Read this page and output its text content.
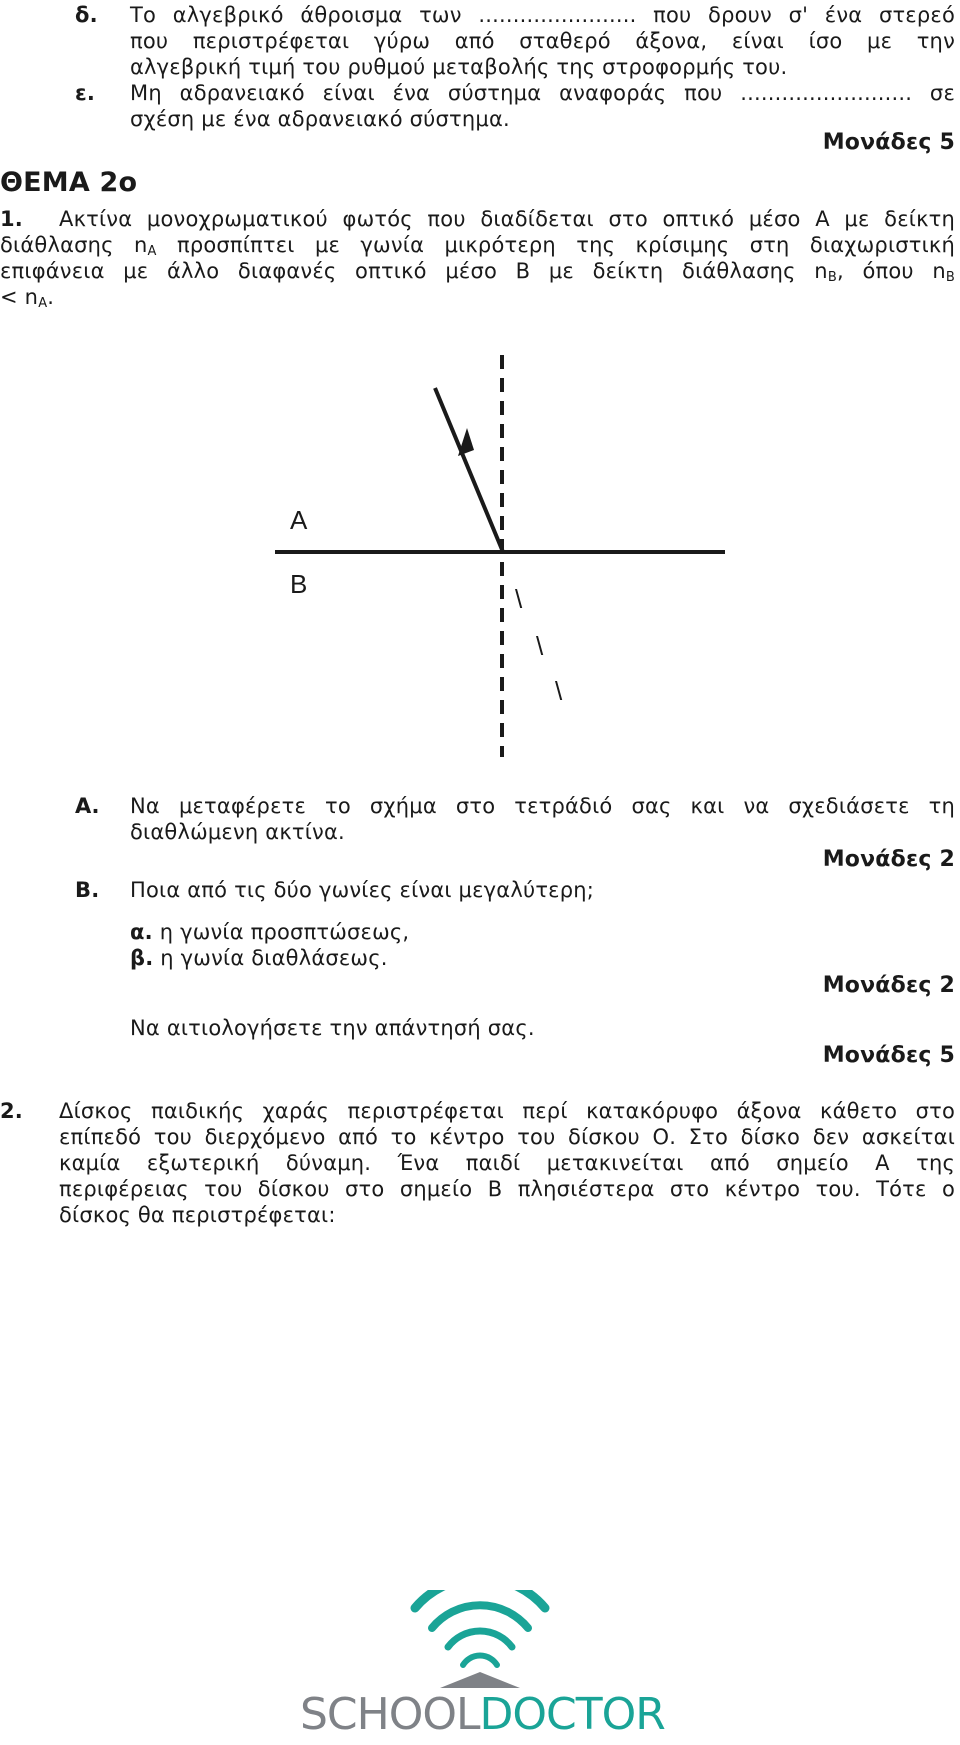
δ. Το αλγεβρικό άθροισμα των ....................... που δρουν σ' ένα στερεό
που περιστρέφεται γύρω από σταθερό άξονα, είναι ίσο με την
αλγεβρική τιμή του ρυθμού μεταβολής της στροφορμής του.
ε. Μη αδρανειακό είναι ένα σύστημα αναφοράς που ......................... σε
σχέση με ένα αδρανειακό σύστημα.
Μονάδες 5
ΘΕΜΑ 2ο
1. Ακτίνα μονοχρωματικού φωτός που διαδίδεται στο οπτικό μέσο Α με δείκτη
διάθλασης $n_A$ προσπίπτει με γωνία μικρότερη της κρίσιμης στη διαχωριστική
επιφάνεια με άλλο διαφανές οπτικό μέσο Β με δείκτη διάθλασης $n_B$, όπου $n_B$
< $n_A$.
A
B	\
\
\
Α. Να μεταφέρετε το σχήμα στο τετράδιό σας και να σχεδιάσετε τη
διαθλώμενη ακτίνα.
Μονάδες 2
Β. Ποια από τις δύο γωνίες είναι μεγαλύτερη;
α. η γωνία προσπτώσεως,
β. η γωνία διαθλάσεως.
Μονάδες 2
Να αιτιολογήσετε την απάντησή σας.
Μονάδες 5
2. Δίσκος παιδικής χαράς περιστρέφεται περί κατακόρυφο άξονα κάθετο στο
επίπεδό του διερχόμενο από το κέντρο του δίσκου Ο. Στο δίσκο δεν ασκείται
καμία εξωτερική δύναμη. Ένα παιδί μετακινείται από σημείο Α της
περιφέρειας του δίσκου στο σημείο Β πλησιέστερα στο κέντρο του. Τότε ο
δίσκος θα περιστρέφεται:
SCHOOLDOCTOR
